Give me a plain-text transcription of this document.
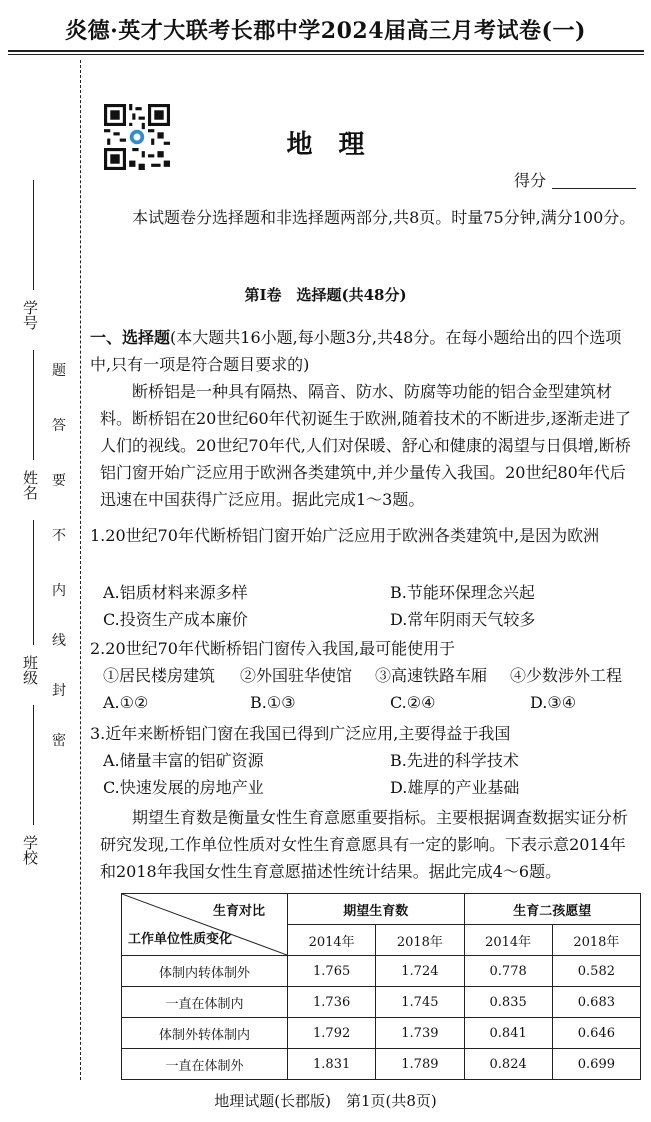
炎德·英才大联考长郡中学2024届高三月考试卷(一)
地理
得分
本试题卷分选择题和非选择题两部分,共8页。时量75分钟,满分100分。
第Ⅰ卷　选择题(共48分)
一、选择题(本大题共16小题,每小题3分,共48分。在每小题给出的四个选项中,只有一项是符合题目要求的)
断桥铝是一种具有隔热、隔音、防水、防腐等功能的铝合金型建筑材料。断桥铝在20世纪60年代初诞生于欧洲,随着技术的不断进步,逐渐走进了人们的视线。20世纪70年代,人们对保暖、舒心和健康的渴望与日俱增,断桥铝门窗开始广泛应用于欧洲各类建筑中,并少量传入我国。20世纪80年代后迅速在中国获得广泛应用。据此完成1～3题。
1.20世纪70年代断桥铝门窗开始广泛应用于欧洲各类建筑中,是因为欧洲
A.铝质材料来源多样	B.节能环保理念兴起
C.投资生产成本廉价	D.常年阴雨天气较多
2.20世纪70年代断桥铝门窗传入我国,最可能使用于
①居民楼房建筑 ②外国驻华使馆 ③高速铁路车厢 ④少数涉外工程
A.①②	B.①③	C.②④	D.③④
3.近年来断桥铝门窗在我国已得到广泛应用,主要得益于我国
A.储量丰富的铝矿资源	B.先进的科学技术
C.快速发展的房地产业	D.雄厚的产业基础
期望生育数是衡量女性生育意愿重要指标。主要根据调查数据实证分析研究发现,工作单位性质对女性生育意愿具有一定的影响。下表示意2014年和2018年我国女性生育意愿描述性统计结果。据此完成4～6题。
生育对比
工作单位性质变化	期望生育数		生育二孩愿望	
	2014年	2018年	2014年	2018年
体制内转体制外	1.765	1.724	0.778	0.582
一直在体制内	1.736	1.745	0.835	0.683
体制外转体制内	1.792	1.739	0.841	0.646
一直在体制外	1.831	1.789	0.824	0.699
地理试题(长郡版)　第1页(共8页)
学号
姓名
班级
学校
题
答
要
不
内
线
封
密
